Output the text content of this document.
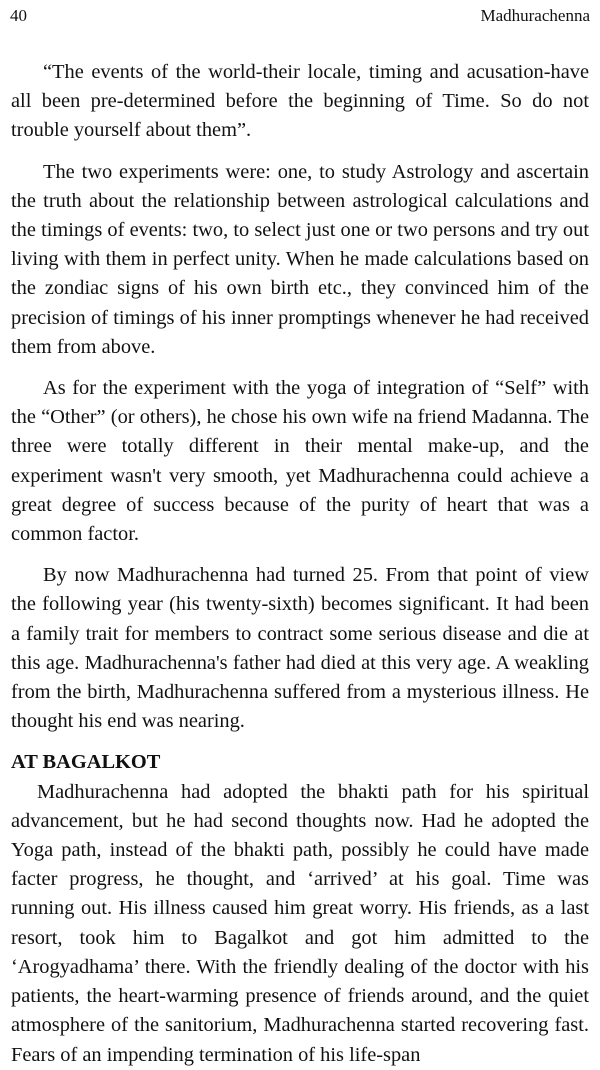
40	Madhurachenna

“The events of the world-their locale, timing and acusation-have all been pre-determined before the beginning of Time. So do not trouble yourself about them”.

The two experiments were: one, to study Astrology and ascertain the truth about the relationship between astrological calculations and the timings of events: two, to select just one or two persons and try out living with them in perfect unity. When he made calculations based on the zondiac signs of his own birth etc., they convinced him of the precision of timings of his inner promptings whenever he had received them from above.

As for the experiment with the yoga of integration of “Self” with the “Other” (or others), he chose his own wife na friend Madanna. The three were totally different in their mental make-up, and the experiment wasn't very smooth, yet Madhurachenna could achieve a great degree of success because of the purity of heart that was a common factor.

By now Madhurachenna had turned 25. From that point of view the following year (his twenty-sixth) becomes significant. It had been a family trait for members to contract some serious disease and die at this age. Madhurachenna's father had died at this very age. A weakling from the birth, Madhurachenna suffered from a mysterious illness. He thought his end was nearing.

AT BAGALKOT

Madhurachenna had adopted the bhakti path for his spiritual advancement, but he had second thoughts now. Had he adopted the Yoga path, instead of the bhakti path, possibly he could have made facter progress, he thought, and ‘arrived’ at his goal. Time was running out. His illness caused him great worry. His friends, as a last resort, took him to Bagalkot and got him admitted to the ‘Arogyadhama’ there. With the friendly dealing of the doctor with his patients, the heart-warming presence of friends around, and the quiet atmosphere of the sanitorium, Madhurachenna started recovering fast. Fears of an impending termination of his life-span
